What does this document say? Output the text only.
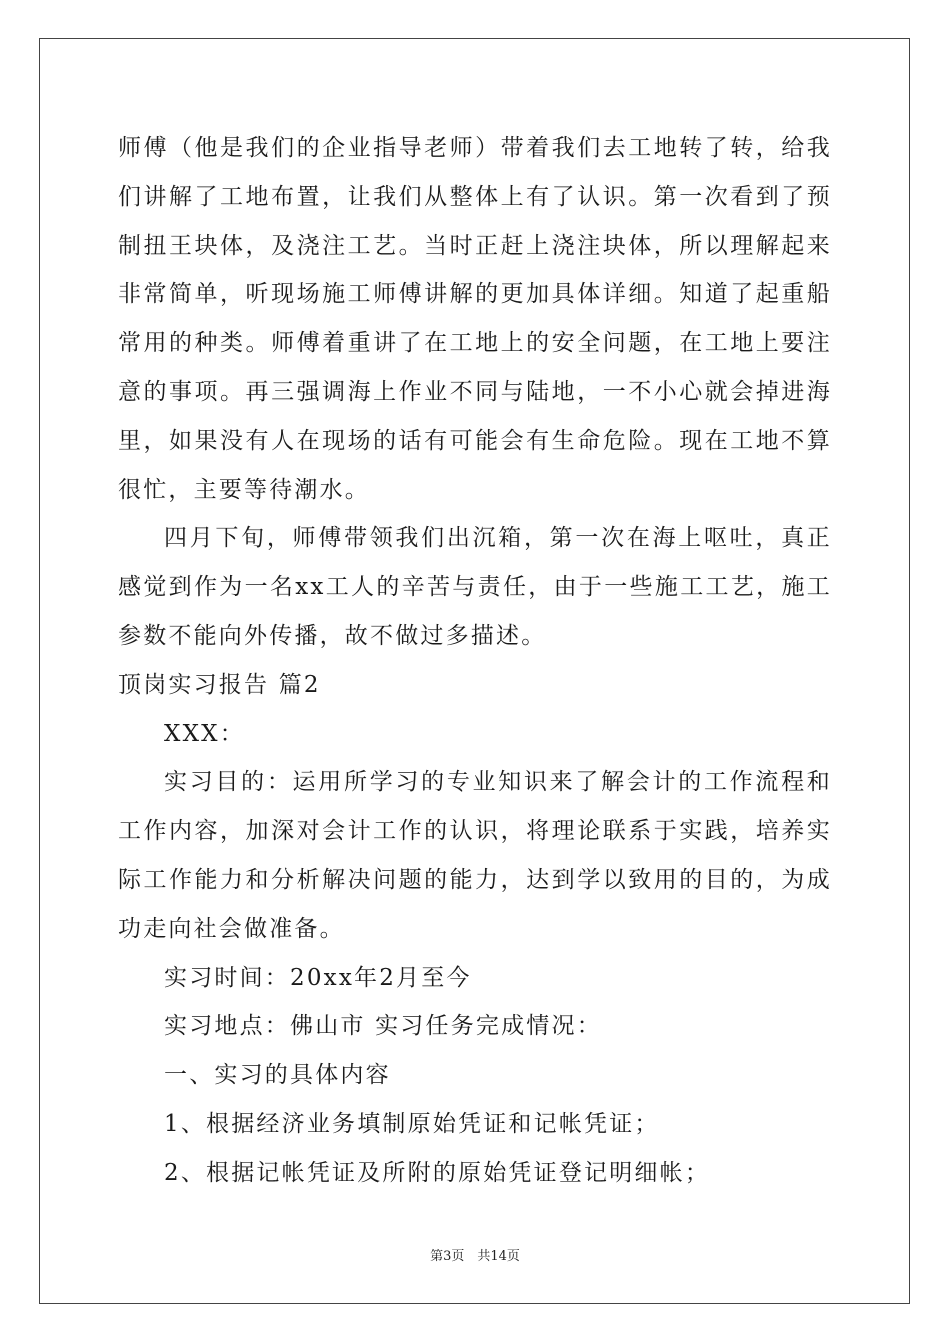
师傅（他是我们的企业指导老师）带着我们去工地转了转，给我们讲解了工地布置，让我们从整体上有了认识。第一次看到了预制扭王块体，及浇注工艺。当时正赶上浇注块体，所以理解起来非常简单，听现场施工师傅讲解的更加具体详细。知道了起重船常用的种类。师傅着重讲了在工地上的安全问题，在工地上要注意的事项。再三强调海上作业不同与陆地，一不小心就会掉进海里，如果没有人在现场的话有可能会有生命危险。现在工地不算很忙，主要等待潮水。

四月下旬，师傅带领我们出沉箱，第一次在海上呕吐，真正感觉到作为一名xx工人的辛苦与责任，由于一些施工工艺，施工参数不能向外传播，故不做过多描述。

顶岗实习报告 篇2

XXX：

实习目的：运用所学习的专业知识来了解会计的工作流程和工作内容，加深对会计工作的认识，将理论联系于实践，培养实际工作能力和分析解决问题的能力，达到学以致用的目的，为成功走向社会做准备。

实习时间：20xx年2月至今

实习地点：佛山市 实习任务完成情况：

一、实习的具体内容

1、根据经济业务填制原始凭证和记帐凭证；

2、根据记帐凭证及所附的原始凭证登记明细帐；

第3页　共14页
